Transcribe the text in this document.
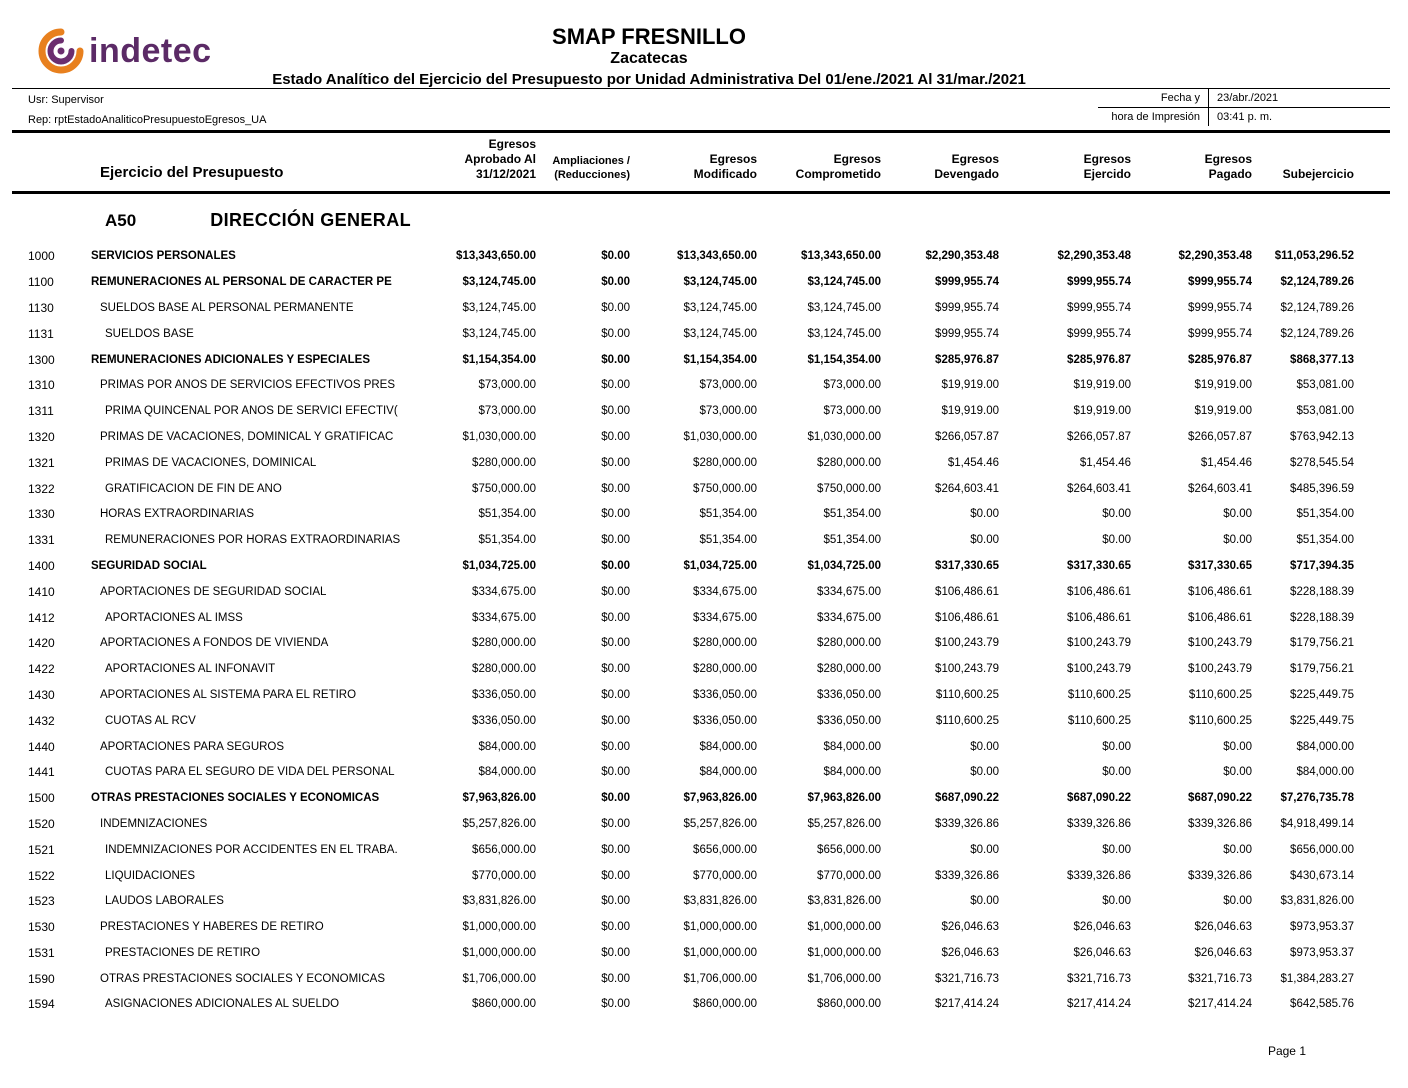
indetec	SMAP FRESNILLO
Zacatecas
Estado Analítico del Ejercicio del Presupuesto por Unidad Administrativa Del 01/ene./2021 Al 31/mar./2021
Usr: Supervisor
Rep: rptEstadoAnaliticoPresupuestoEgresos_UA
Fecha y	23/abr./2021
hora de Impresión	03:41 p. m.
Ejercicio del Presupuesto
Egresos
Aprobado Al
31/12/2021
Ampliaciones /
(Reducciones)
Egresos
Modificado
Egresos
Comprometido
Egresos
Devengado
Egresos
Ejercido
Egresos
Pagado	Subejercicio
A50	DIRECCIÓN GENERAL
1000	SERVICIOS PERSONALES	$13,343,650.00	$0.00	$13,343,650.00	$13,343,650.00	$2,290,353.48	$2,290,353.48	$2,290,353.48	$11,053,296.52
1100	REMUNERACIONES AL PERSONAL DE CARÁCTER PE	$3,124,745.00	$0.00	$3,124,745.00	$3,124,745.00	$999,955.74	$999,955.74	$999,955.74	$2,124,789.26
1130	SUELDOS BASE AL PERSONAL PERMANENTE	$3,124,745.00	$0.00	$3,124,745.00	$3,124,745.00	$999,955.74	$999,955.74	$999,955.74	$2,124,789.26
1131	SUELDOS BASE	$3,124,745.00	$0.00	$3,124,745.00	$3,124,745.00	$999,955.74	$999,955.74	$999,955.74	$2,124,789.26
1300	REMUNERACIONES ADICIONALES Y ESPECIALES	$1,154,354.00	$0.00	$1,154,354.00	$1,154,354.00	$285,976.87	$285,976.87	$285,976.87	$868,377.13
1310	PRIMAS POR AÑOS DE SERVICIOS EFECTIVOS PRES	$73,000.00	$0.00	$73,000.00	$73,000.00	$19,919.00	$19,919.00	$19,919.00	$53,081.00
1311	PRIMA QUINCENAL POR AÑOS DE SERVICI EFECTIV(	$73,000.00	$0.00	$73,000.00	$73,000.00	$19,919.00	$19,919.00	$19,919.00	$53,081.00
1320	PRIMAS DE VACACIONES, DOMINICAL Y GRATIFICAC	$1,030,000.00	$0.00	$1,030,000.00	$1,030,000.00	$266,057.87	$266,057.87	$266,057.87	$763,942.13
1321	PRIMAS DE VACACIONES, DOMINICAL	$280,000.00	$0.00	$280,000.00	$280,000.00	$1,454.46	$1,454.46	$1,454.46	$278,545.54
1322	GRATIFICACIÓN DE FIN DE AÑO	$750,000.00	$0.00	$750,000.00	$750,000.00	$264,603.41	$264,603.41	$264,603.41	$485,396.59
1330	HORAS EXTRAORDINARIAS	$51,354.00	$0.00	$51,354.00	$51,354.00	$0.00	$0.00	$0.00	$51,354.00
1331	REMUNERACIONES POR HORAS EXTRAORDINARIAS	$51,354.00	$0.00	$51,354.00	$51,354.00	$0.00	$0.00	$0.00	$51,354.00
1400	SEGURIDAD SOCIAL	$1,034,725.00	$0.00	$1,034,725.00	$1,034,725.00	$317,330.65	$317,330.65	$317,330.65	$717,394.35
1410	APORTACIONES DE SEGURIDAD SOCIAL	$334,675.00	$0.00	$334,675.00	$334,675.00	$106,486.61	$106,486.61	$106,486.61	$228,188.39
1412	APORTACIONES AL IMSS	$334,675.00	$0.00	$334,675.00	$334,675.00	$106,486.61	$106,486.61	$106,486.61	$228,188.39
1420	APORTACIONES A FONDOS DE VIVIENDA	$280,000.00	$0.00	$280,000.00	$280,000.00	$100,243.79	$100,243.79	$100,243.79	$179,756.21
1422	APORTACIONES AL INFONAVIT	$280,000.00	$0.00	$280,000.00	$280,000.00	$100,243.79	$100,243.79	$100,243.79	$179,756.21
1430	APORTACIONES AL SISTEMA PARA EL RETIRO	$336,050.00	$0.00	$336,050.00	$336,050.00	$110,600.25	$110,600.25	$110,600.25	$225,449.75
1432	CUOTAS AL RCV	$336,050.00	$0.00	$336,050.00	$336,050.00	$110,600.25	$110,600.25	$110,600.25	$225,449.75
1440	APORTACIONES PARA SEGUROS	$84,000.00	$0.00	$84,000.00	$84,000.00	$0.00	$0.00	$0.00	$84,000.00
1441	CUOTAS PARA EL SEGURO DE VIDA DEL PERSONAL	$84,000.00	$0.00	$84,000.00	$84,000.00	$0.00	$0.00	$0.00	$84,000.00
1500	OTRAS PRESTACIONES SOCIALES Y ECONÓMICAS	$7,963,826.00	$0.00	$7,963,826.00	$7,963,826.00	$687,090.22	$687,090.22	$687,090.22	$7,276,735.78
1520	INDEMNIZACIONES	$5,257,826.00	$0.00	$5,257,826.00	$5,257,826.00	$339,326.86	$339,326.86	$339,326.86	$4,918,499.14
1521	INDEMNIZACIONES POR ACCIDENTES EN EL TRABA.	$656,000.00	$0.00	$656,000.00	$656,000.00	$0.00	$0.00	$0.00	$656,000.00
1522	LIQUIDACIONES	$770,000.00	$0.00	$770,000.00	$770,000.00	$339,326.86	$339,326.86	$339,326.86	$430,673.14
1523	LAUDOS LABORALES	$3,831,826.00	$0.00	$3,831,826.00	$3,831,826.00	$0.00	$0.00	$0.00	$3,831,826.00
1530	PRESTACIONES Y HABERES DE RETIRO	$1,000,000.00	$0.00	$1,000,000.00	$1,000,000.00	$26,046.63	$26,046.63	$26,046.63	$973,953.37
1531	PRESTACIONES DE RETIRO	$1,000,000.00	$0.00	$1,000,000.00	$1,000,000.00	$26,046.63	$26,046.63	$26,046.63	$973,953.37
1590	OTRAS PRESTACIONES SOCIALES Y ECONÓMICAS	$1,706,000.00	$0.00	$1,706,000.00	$1,706,000.00	$321,716.73	$321,716.73	$321,716.73	$1,384,283.27
1594	ASIGNACIONES ADICIONALES AL SUELDO	$860,000.00	$0.00	$860,000.00	$860,000.00	$217,414.24	$217,414.24	$217,414.24	$642,585.76
Page 1
